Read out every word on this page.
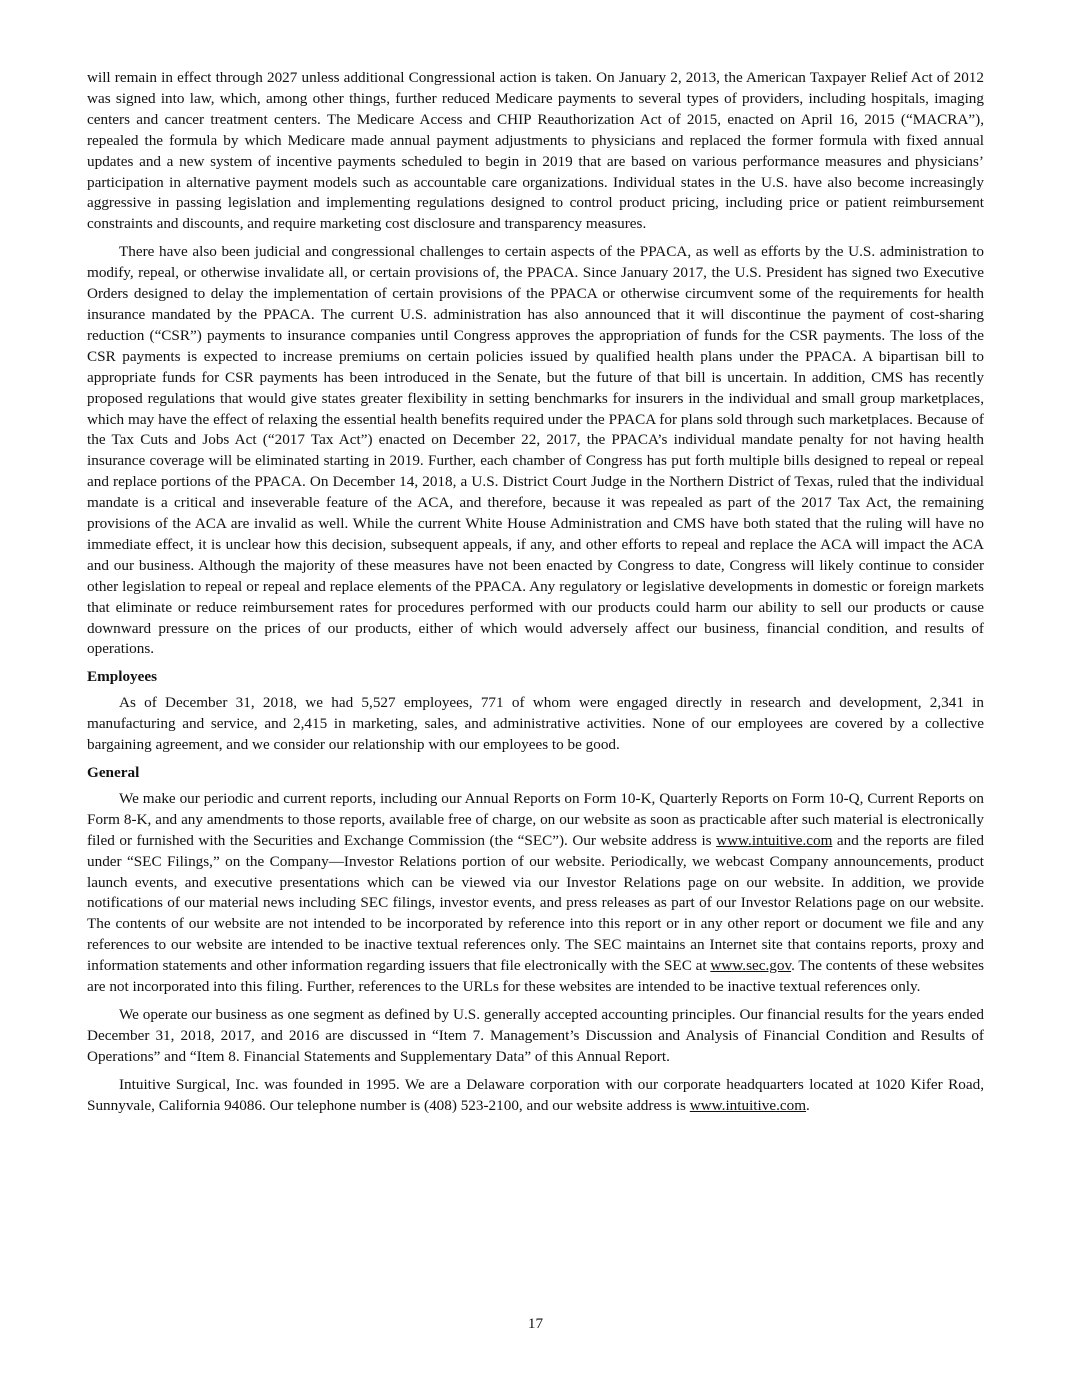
will remain in effect through 2027 unless additional Congressional action is taken. On January 2, 2013, the American Taxpayer Relief Act of 2012 was signed into law, which, among other things, further reduced Medicare payments to several types of providers, including hospitals, imaging centers and cancer treatment centers. The Medicare Access and CHIP Reauthorization Act of 2015, enacted on April 16, 2015 (“MACRA”), repealed the formula by which Medicare made annual payment adjustments to physicians and replaced the former formula with fixed annual updates and a new system of incentive payments scheduled to begin in 2019 that are based on various performance measures and physicians’ participation in alternative payment models such as accountable care organizations. Individual states in the U.S. have also become increasingly aggressive in passing legislation and implementing regulations designed to control product pricing, including price or patient reimbursement constraints and discounts, and require marketing cost disclosure and transparency measures.

There have also been judicial and congressional challenges to certain aspects of the PPACA, as well as efforts by the U.S. administration to modify, repeal, or otherwise invalidate all, or certain provisions of, the PPACA. Since January 2017, the U.S. President has signed two Executive Orders designed to delay the implementation of certain provisions of the PPACA or otherwise circumvent some of the requirements for health insurance mandated by the PPACA. The current U.S. administration has also announced that it will discontinue the payment of cost-sharing reduction (“CSR”) payments to insurance companies until Congress approves the appropriation of funds for the CSR payments. The loss of the CSR payments is expected to increase premiums on certain policies issued by qualified health plans under the PPACA. A bipartisan bill to appropriate funds for CSR payments has been introduced in the Senate, but the future of that bill is uncertain. In addition, CMS has recently proposed regulations that would give states greater flexibility in setting benchmarks for insurers in the individual and small group marketplaces, which may have the effect of relaxing the essential health benefits required under the PPACA for plans sold through such marketplaces. Because of the Tax Cuts and Jobs Act (“2017 Tax Act”) enacted on December 22, 2017, the PPACA’s individual mandate penalty for not having health insurance coverage will be eliminated starting in 2019. Further, each chamber of Congress has put forth multiple bills designed to repeal or repeal and replace portions of the PPACA. On December 14, 2018, a U.S. District Court Judge in the Northern District of Texas, ruled that the individual mandate is a critical and inseverable feature of the ACA, and therefore, because it was repealed as part of the 2017 Tax Act, the remaining provisions of the ACA are invalid as well. While the current White House Administration and CMS have both stated that the ruling will have no immediate effect, it is unclear how this decision, subsequent appeals, if any, and other efforts to repeal and replace the ACA will impact the ACA and our business. Although the majority of these measures have not been enacted by Congress to date, Congress will likely continue to consider other legislation to repeal or repeal and replace elements of the PPACA. Any regulatory or legislative developments in domestic or foreign markets that eliminate or reduce reimbursement rates for procedures performed with our products could harm our ability to sell our products or cause downward pressure on the prices of our products, either of which would adversely affect our business, financial condition, and results of operations.

Employees

As of December 31, 2018, we had 5,527 employees, 771 of whom were engaged directly in research and development, 2,341 in manufacturing and service, and 2,415 in marketing, sales, and administrative activities. None of our employees are covered by a collective bargaining agreement, and we consider our relationship with our employees to be good.

General

We make our periodic and current reports, including our Annual Reports on Form 10-K, Quarterly Reports on Form 10-Q, Current Reports on Form 8-K, and any amendments to those reports, available free of charge, on our website as soon as practicable after such material is electronically filed or furnished with the Securities and Exchange Commission (the “SEC”). Our website address is www.intuitive.com and the reports are filed under “SEC Filings,” on the Company—Investor Relations portion of our website. Periodically, we webcast Company announcements, product launch events, and executive presentations which can be viewed via our Investor Relations page on our website. In addition, we provide notifications of our material news including SEC filings, investor events, and press releases as part of our Investor Relations page on our website. The contents of our website are not intended to be incorporated by reference into this report or in any other report or document we file and any references to our website are intended to be inactive textual references only. The SEC maintains an Internet site that contains reports, proxy and information statements and other information regarding issuers that file electronically with the SEC at www.sec.gov. The contents of these websites are not incorporated into this filing. Further, references to the URLs for these websites are intended to be inactive textual references only.

We operate our business as one segment as defined by U.S. generally accepted accounting principles. Our financial results for the years ended December 31, 2018, 2017, and 2016 are discussed in “Item 7. Management’s Discussion and Analysis of Financial Condition and Results of Operations” and “Item 8. Financial Statements and Supplementary Data” of this Annual Report.

Intuitive Surgical, Inc. was founded in 1995. We are a Delaware corporation with our corporate headquarters located at 1020 Kifer Road, Sunnyvale, California 94086. Our telephone number is (408) 523-2100, and our website address is www.intuitive.com.

17
